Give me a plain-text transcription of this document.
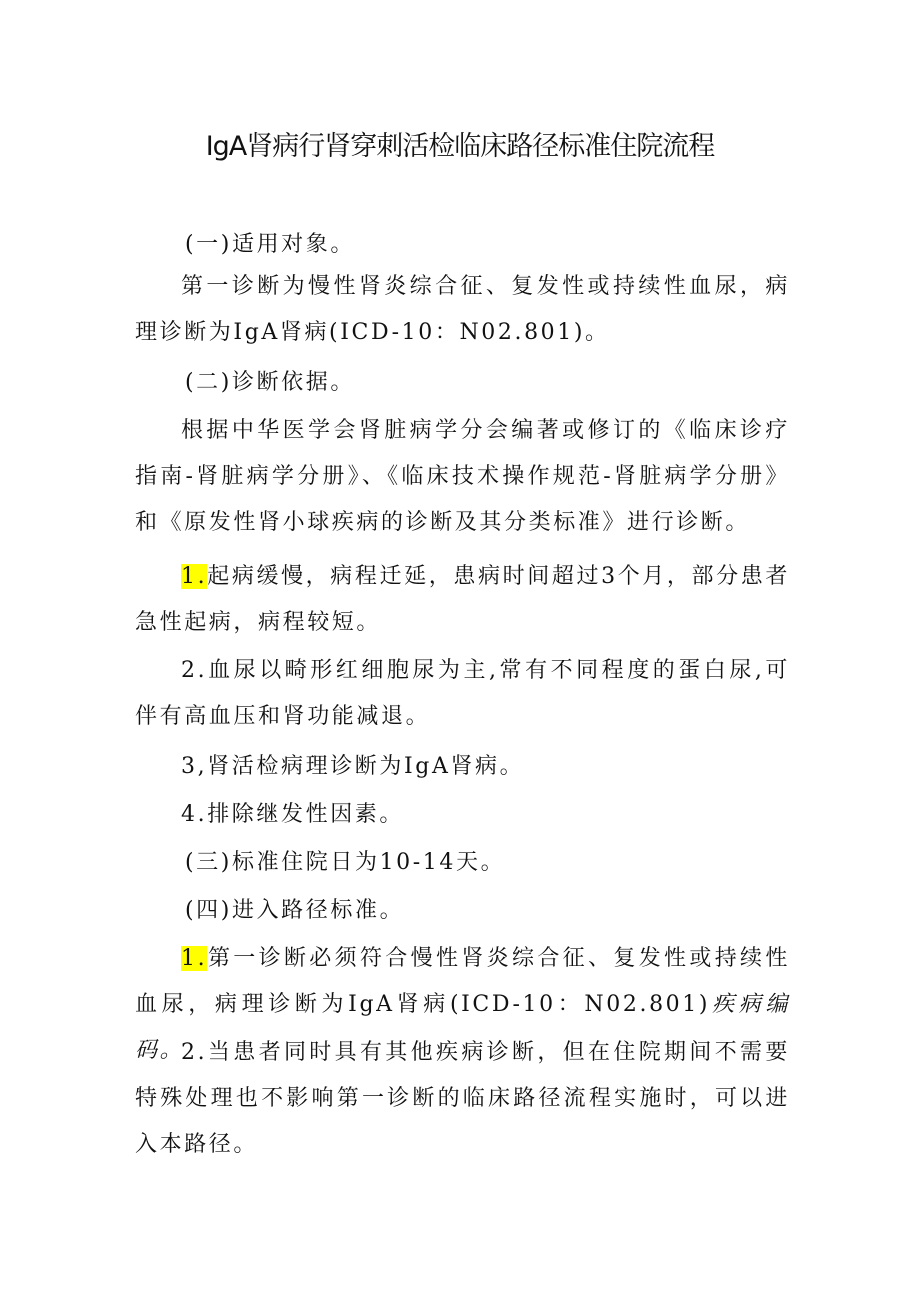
IgA肾病行肾穿刺活检临床路径标准住院流程

(一)适用对象。

第一诊断为慢性肾炎综合征、复发性或持续性血尿，病理诊断为IgA肾病(ICD-10：N02.801)。

(二)诊断依据。

根据中华医学会肾脏病学分会编著或修订的《临床诊疗指南-肾脏病学分册》、《临床技术操作规范-肾脏病学分册》和《原发性肾小球疾病的诊断及其分类标准》进行诊断。

1.起病缓慢，病程迁延，患病时间超过3个月，部分患者急性起病，病程较短。

2.血尿以畸形红细胞尿为主,常有不同程度的蛋白尿,可伴有高血压和肾功能减退。

3,肾活检病理诊断为IgA肾病。

4.排除继发性因素。

(三)标准住院日为10-14天。

(四)进入路径标准。

1.第一诊断必须符合慢性肾炎综合征、复发性或持续性血尿，病理诊断为IgA肾病(ICD-10：N02.801)疾病编码。

2.当患者同时具有其他疾病诊断，但在住院期间不需要特殊处理也不影响第一诊断的临床路径流程实施时，可以进入本路径。
